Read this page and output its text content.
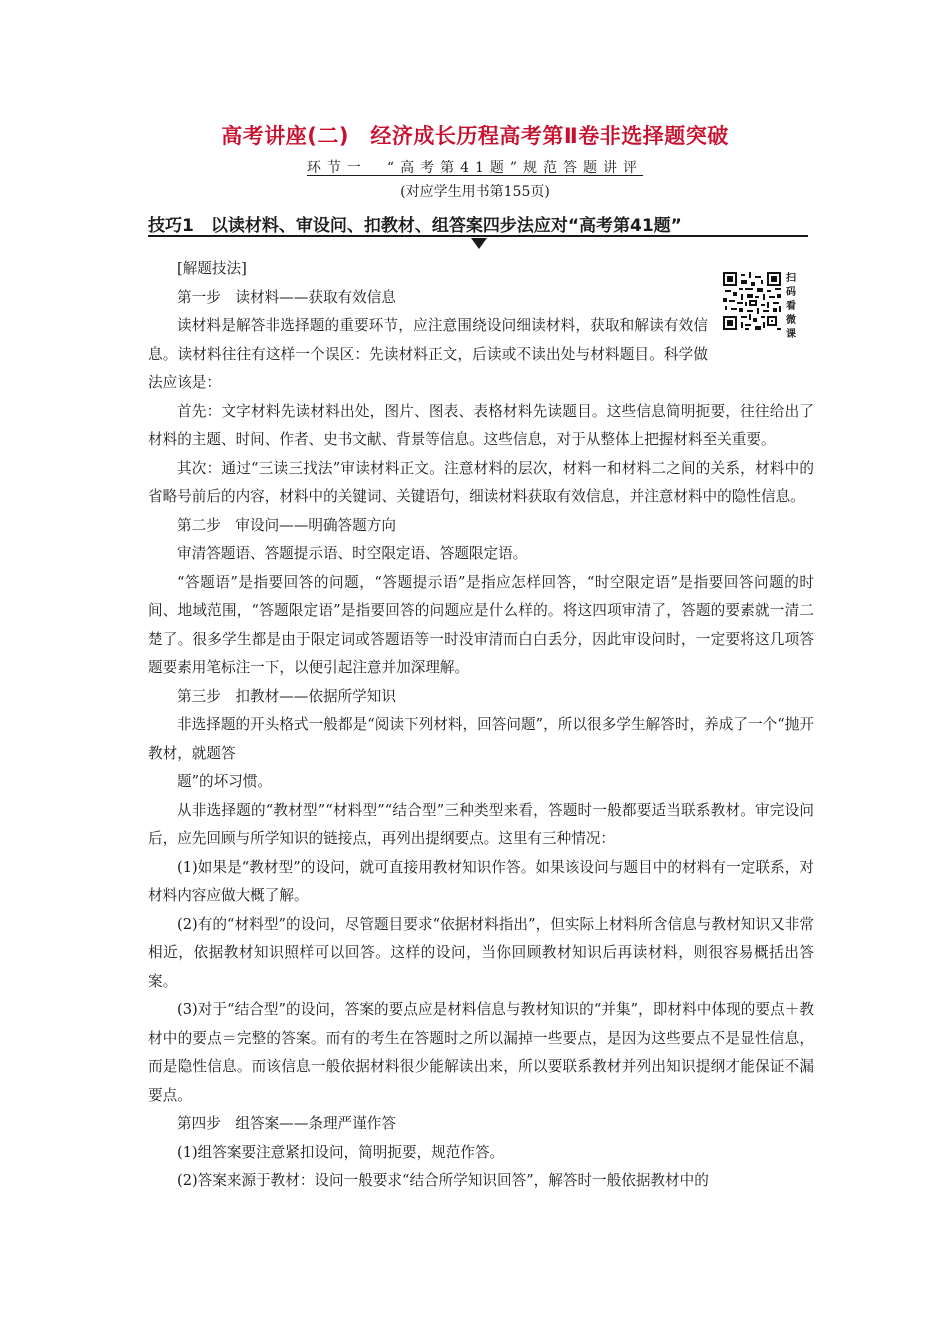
高考讲座(二)　经济成长历程高考第Ⅱ卷非选择题突破
环节一　“高考第41题”规范答题讲评
(对应学生用书第155页)
技巧1　以读材料、审设问、扣教材、组答案四步法应对“高考第41题”
扫码看微课

[解题技法]

第一步　读材料——获取有效信息

读材料是解答非选择题的重要环节，应注意围绕设问细读材料，获取和解读有效信息。读材料往往有这样一个误区：先读材料正文，后读或不读出处与材料题目。科学做法应该是：

首先：文字材料先读材料出处，图片、图表、表格材料先读题目。这些信息简明扼要，往往给出了材料的主题、时间、作者、史书文献、背景等信息。这些信息，对于从整体上把握材料至关重要。

其次：通过“三读三找法”审读材料正文。注意材料的层次，材料一和材料二之间的关系，材料中的省略号前后的内容，材料中的关键词、关键语句，细读材料获取有效信息，并注意材料中的隐性信息。

第二步　审设问——明确答题方向

审清答题语、答题提示语、时空限定语、答题限定语。

“答题语”是指要回答的问题，“答题提示语”是指应怎样回答，“时空限定语”是指要回答问题的时间、地域范围，“答题限定语”是指要回答的问题应是什么样的。将这四项审清了，答题的要素就一清二楚了。很多学生都是由于限定词或答题语等一时没审清而白白丢分，因此审设问时，一定要将这几项答题要素用笔标注一下，以便引起注意并加深理解。

第三步　扣教材——依据所学知识

非选择题的开头格式一般都是“阅读下列材料，回答问题”，所以很多学生解答时，养成了一个“抛开教材，就题答

题”的坏习惯。

从非选择题的“教材型”“材料型”“结合型”三种类型来看，答题时一般都要适当联系教材。审完设问后，应先回顾与所学知识的链接点，再列出提纲要点。这里有三种情况：

(1)如果是“教材型”的设问，就可直接用教材知识作答。如果该设问与题目中的材料有一定联系，对材料内容应做大概了解。

(2)有的“材料型”的设问，尽管题目要求“依据材料指出”，但实际上材料所含信息与教材知识又非常相近，依据教材知识照样可以回答。这样的设问，当你回顾教材知识后再读材料，则很容易概括出答案。

(3)对于“结合型”的设问，答案的要点应是材料信息与教材知识的“并集”，即材料中体现的要点＋教材中的要点＝完整的答案。而有的考生在答题时之所以漏掉一些要点，是因为这些要点不是显性信息，而是隐性信息。而该信息一般依据材料很少能解读出来，所以要联系教材并列出知识提纲才能保证不漏要点。

第四步　组答案——条理严谨作答

(1)组答案要注意紧扣设问，简明扼要，规范作答。

(2)答案来源于教材：设问一般要求“结合所学知识回答”，解答时一般依据教材中的
